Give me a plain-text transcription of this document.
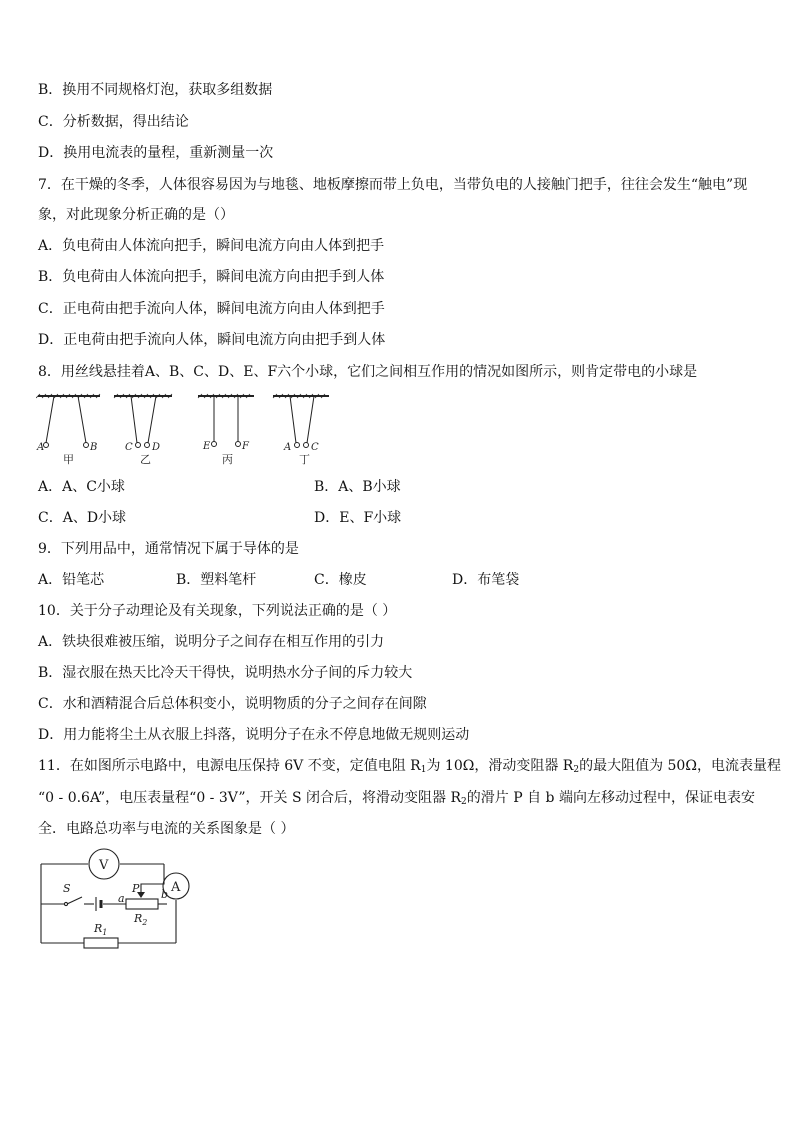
B．换用不同规格灯泡，获取多组数据
C．分析数据，得出结论
D．换用电流表的量程，重新测量一次
7．在干燥的冬季，人体很容易因为与地毯、地板摩擦而带上负电，当带负电的人接触门把手，往往会发生“触电”现
象，对此现象分析正确的是（）
A．负电荷由人体流向把手，瞬间电流方向由人体到把手
B．负电荷由人体流向把手，瞬间电流方向由把手到人体
C．正电荷由把手流向人体，瞬间电流方向由人体到把手
D．正电荷由把手流向人体，瞬间电流方向由把手到人体
8．用丝线悬挂着A、B、C、D、E、F六个小球，它们之间相互作用的情况如图所示，则肯定带电的小球是
A	B	C D	E	F	A C
甲	乙	丙	丁
A．A、C小球	B．A、B小球
C．A、D小球	D．E、F小球
9．下列用品中，通常情况下属于导体的是
A．铅笔芯	B．塑料笔杆	C．橡皮	D．布笔袋
10．关于分子动理论及有关现象，下列说法正确的是（ ）
A．铁块很难被压缩，说明分子之间存在相互作用的引力
B．湿衣服在热天比冷天干得快，说明热水分子间的斥力较大
C．水和酒精混合后总体积变小，说明物质的分子之间存在间隙
D．用力能将尘土从衣服上抖落，说明分子在永不停息地做无规则运动
11．在如图所示电路中，电源电压保持 6V 不变，定值电阻 $R_1$为 10Ω，滑动变阻器 $R_2$的最大阻值为 50Ω，电流表量程
“0 - 0.6A”，电压表量程“0 - 3V”，开关 S 闭合后，将滑动变阻器 $R_2$的滑片 P 自 b 端向左移动过程中，保证电表安
全．电路总功率与电流的关系图象是（ ）
V
A
S	P
a	b
$R_2$
$R_1$
